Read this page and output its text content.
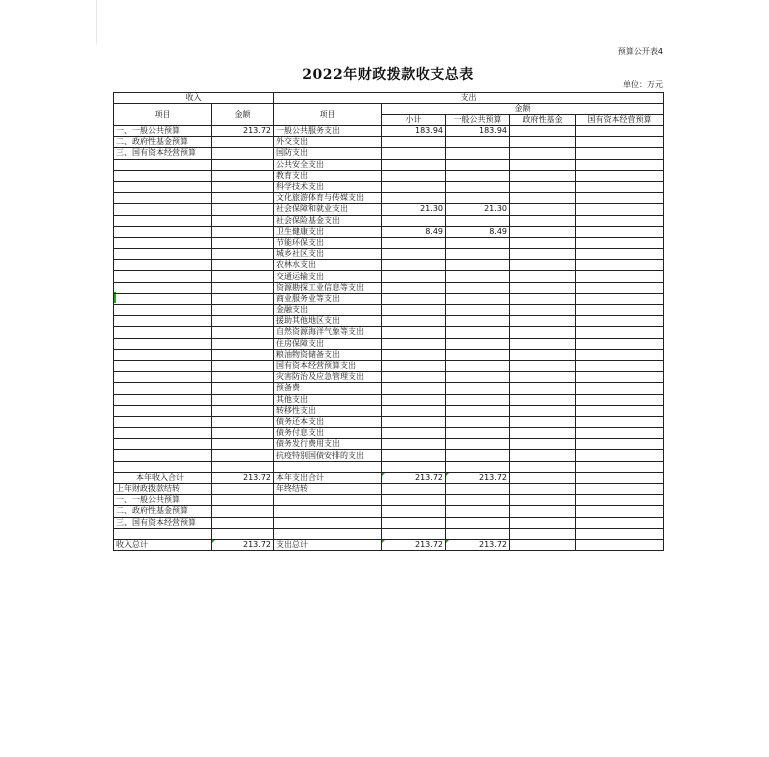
预算公开表4
2022年财政拨款收支总表
单位：万元
收入		支出				
项目	金额	项目	金额			
			小计	一般公共预算	政府性基金	国有资本经营预算

一、一般公共预算	213.72	一般公共服务支出	183.94	183.94		
二、政府性基金预算		外交支出				
三、国有资本经营预算		国防支出				
		公共安全支出				
		教育支出				
		科学技术支出				
		文化旅游体育与传媒支出				
		社会保障和就业支出	21.30	21.30		
		社会保险基金支出				
		卫生健康支出	8.49	8.49		
		节能环保支出				
		城乡社区支出				
		农林水支出				
		交通运输支出				
		资源勘探工业信息等支出				
		商业服务业等支出				
		金融支出				
		援助其他地区支出				
		自然资源海洋气象等支出				
		住房保障支出				
		粮油物资储备支出				
		国有资本经营预算支出				
		灾害防治及应急管理支出				
		预备费				
		其他支出				
		转移性支出				
		债务还本支出				
		债务付息支出				
		债务发行费用支出				
		抗疫特别国债安排的支出				

本年收入合计	213.72	本年支出合计	213.72	213.72		
上年财政拨款结转		年终结转				
一、一般公共预算						
二、政府性基金预算						
三、国有资本经营预算						

收入总计	213.72	支出总计	213.72	213.72		
